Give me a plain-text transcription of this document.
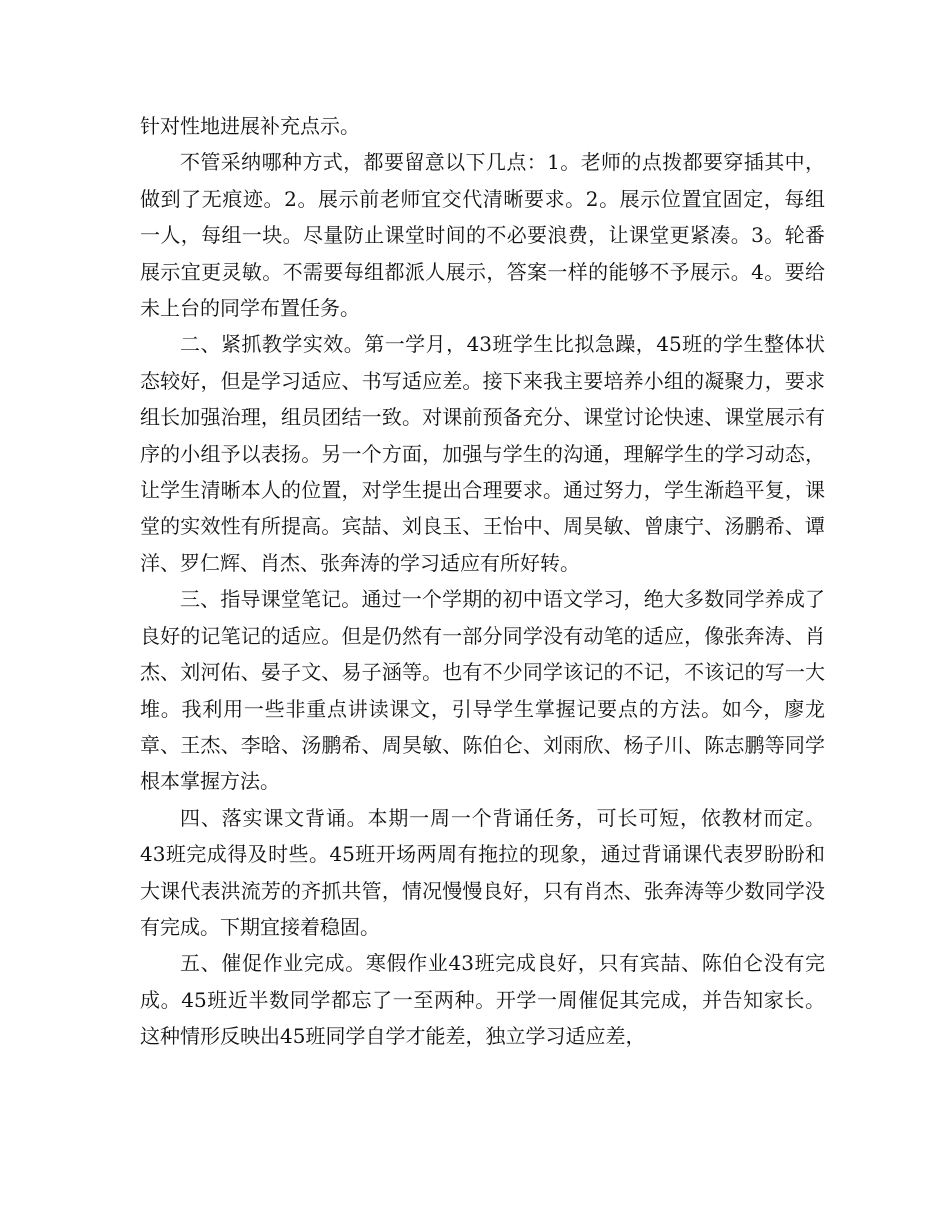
针对性地进展补充点示。

不管采纳哪种方式，都要留意以下几点：1。老师的点拨都要穿插其中，做到了无痕迹。2。展示前老师宜交代清晰要求。2。展示位置宜固定，每组一人，每组一块。尽量防止课堂时间的不必要浪费，让课堂更紧凑。3。轮番展示宜更灵敏。不需要每组都派人展示，答案一样的能够不予展示。4。要给未上台的同学布置任务。

二、紧抓教学实效。第一学月，43班学生比拟急躁，45班的学生整体状态较好，但是学习适应、书写适应差。接下来我主要培养小组的凝聚力，要求组长加强治理，组员团结一致。对课前预备充分、课堂讨论快速、课堂展示有序的小组予以表扬。另一个方面，加强与学生的沟通，理解学生的学习动态，让学生清晰本人的位置，对学生提出合理要求。通过努力，学生渐趋平复，课堂的实效性有所提高。宾喆、刘良玉、王怡中、周昊敏、曾康宁、汤鹏希、谭洋、罗仁辉、肖杰、张奔涛的学习适应有所好转。

三、指导课堂笔记。通过一个学期的初中语文学习，绝大多数同学养成了良好的记笔记的适应。但是仍然有一部分同学没有动笔的适应，像张奔涛、肖杰、刘河佑、晏子文、易子涵等。也有不少同学该记的不记，不该记的写一大堆。我利用一些非重点讲读课文，引导学生掌握记要点的方法。如今，廖龙章、王杰、李晗、汤鹏希、周昊敏、陈伯仑、刘雨欣、杨子川、陈志鹏等同学根本掌握方法。

四、落实课文背诵。本期一周一个背诵任务，可长可短，依教材而定。43班完成得及时些。45班开场两周有拖拉的现象，通过背诵课代表罗盼盼和大课代表洪流芳的齐抓共管，情况慢慢良好，只有肖杰、张奔涛等少数同学没有完成。下期宜接着稳固。

五、催促作业完成。寒假作业43班完成良好，只有宾喆、陈伯仑没有完成。45班近半数同学都忘了一至两种。开学一周催促其完成，并告知家长。这种情形反映出45班同学自学才能差，独立学习适应差，
